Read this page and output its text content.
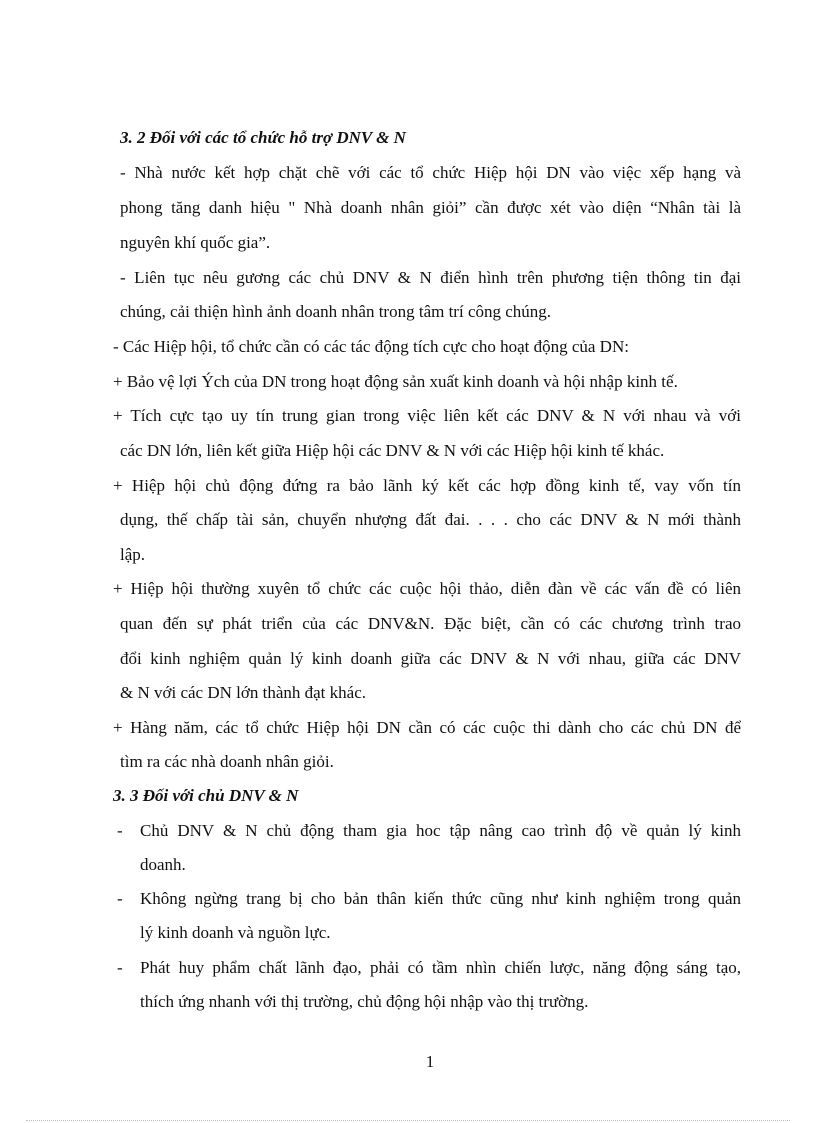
3. 2 Đối với các tổ chức hỗ trợ DNV & N
- Nhà nước kết hợp chặt chẽ với các tổ chức Hiệp hội DN vào việc xếp hạng và
phong tăng danh hiệu " Nhà doanh nhân giỏi” cần được xét vào diện “Nhân tài là
nguyên khí quốc gia”.
- Liên tục nêu gương các chủ DNV & N điển hình trên phương tiện thông tin đại
chúng, cải thiện hình ảnh doanh nhân trong tâm trí công chúng.
- Các Hiệp hội, tổ chức cần có các tác động tích cực cho hoạt động của DN:
+ Bảo vệ lợi Ých của DN trong hoạt động sản xuất kinh doanh và hội nhập kinh tế.
+ Tích cực tạo uy tín trung gian trong việc liên kết các DNV & N với nhau và với
các DN lớn, liên kết giữa Hiệp hội các DNV & N với các Hiệp hội kinh tế khác.
+ Hiệp hội chủ động đứng ra bảo lãnh ký kết các hợp đồng kinh tế, vay vốn tín
dụng, thế chấp tài sản, chuyển nhượng đất đai. . . . cho các DNV & N mới thành
lập.
+ Hiệp hội thường xuyên tổ chức các cuộc hội thảo, diễn đàn về các vấn đề có liên
quan đến sự phát triển của các DNV&N. Đặc biệt, cần có các chương trình trao
đổi kinh nghiệm quản lý kinh doanh giữa các DNV & N với nhau, giữa các DNV
& N với các DN lớn thành đạt khác.
+ Hàng năm, các tổ chức Hiệp hội DN cần có các cuộc thi dành cho các chủ DN để
tìm ra các nhà doanh nhân giỏi.
3. 3 Đối với chủ DNV & N
- Chủ DNV & N chủ động tham gia hoc tập nâng cao trình độ về quản lý kinh
doanh.
- Không ngừng trang bị cho bản thân kiến thức cũng như kinh nghiệm trong quản
lý kinh doanh và nguồn lực.
- Phát huy phẩm chất lãnh đạo, phải có tầm nhìn chiến lược, năng động sáng tạo,
thích ứng nhanh với thị trường, chủ động hội nhập vào thị trường.
1
